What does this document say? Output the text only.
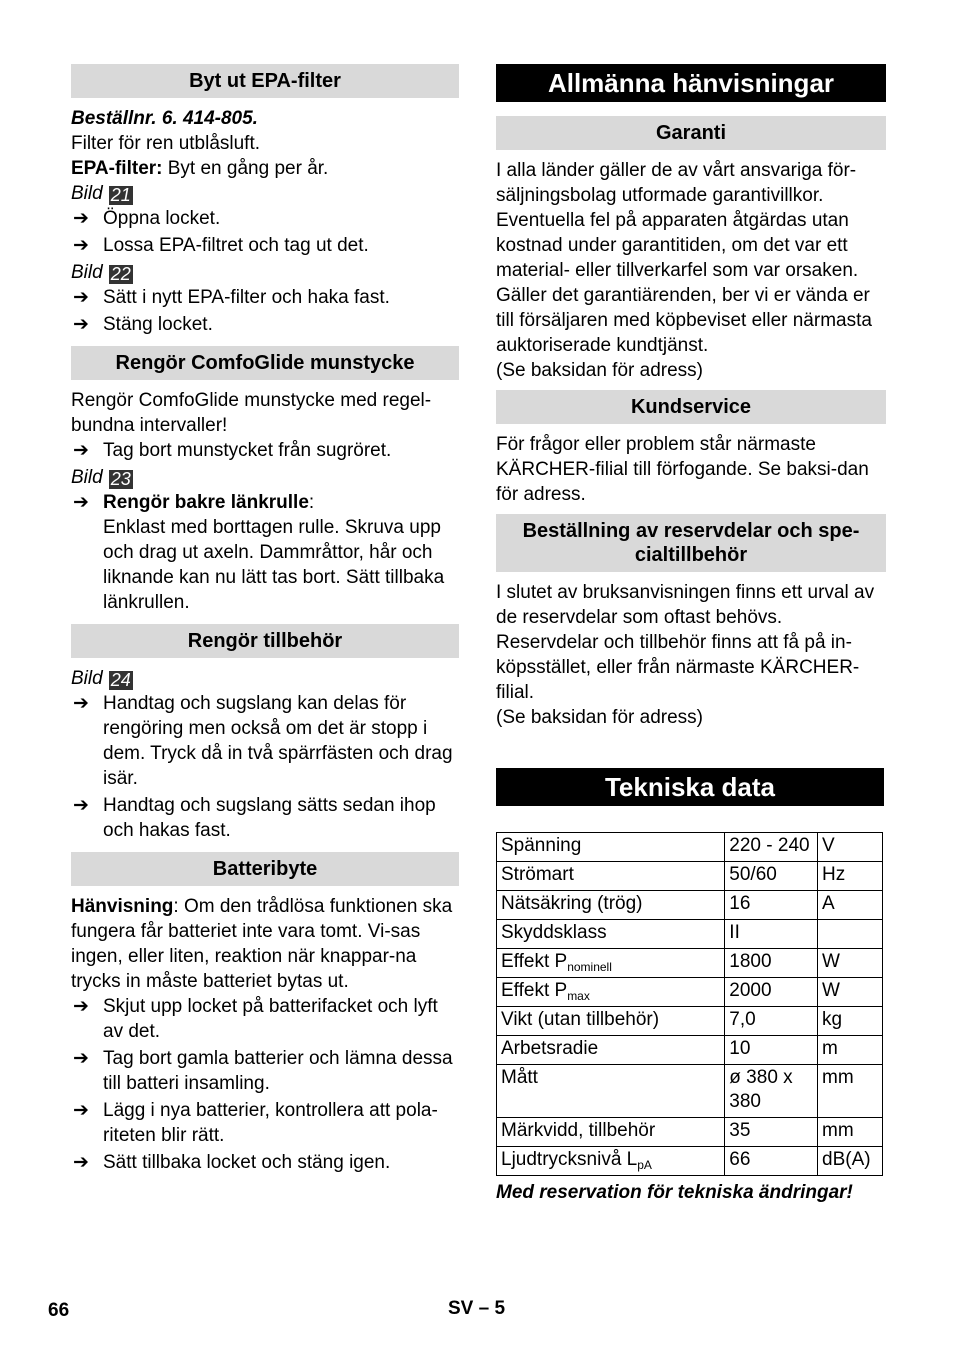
Byt ut EPA-filter

Beställnr. 6. 414-805.

Filter för ren utblåsluft.

EPA-filter: Byt en gång per år.

Bild 21

➔ Öppna locket.
➔ Lossa EPA-filtret och tag ut det.

Bild 22

➔ Sätt i nytt EPA-filter och haka fast.
➔ Stäng locket.
Rengör ComfoGlide munstycke

Rengör ComfoGlide munstycke med regel-bundna intervaller!

➔ Tag bort munstycket från sugröret.

Bild 23

➔ Rengör bakre länkrulle:

Enklast med borttagen rulle. Skruva upp och drag ut axeln. Dammråttor, hår och liknande kan nu lätt tas bort. Sätt tillbaka länkrullen.

Rengör tillbehör

Bild 24

➔ Handtag och sugslang kan delas för rengöring men också om det är stopp i dem. Tryck då in två spärrfästen och drag isär.
➔ Handtag och sugslang sätts sedan ihop och hakas fast.
Batteribyte

Hänvisning: Om den trådlösa funktionen ska fungera får batteriet inte vara tomt. Vi-sas ingen, eller liten, reaktion när knappar-na trycks in måste batteriet bytas ut.

➔ Skjut upp locket på batterifacket och lyft av det.
➔ Tag bort gamla batterier och lämna dessa till batteri insamling.
➔ Lägg i nya batterier, kontrollera att pola-riteten blir rätt.
➔ Sätt tillbaka locket och stäng igen.
Allmänna hänvisningar
Garanti

I alla länder gäller de av vårt ansvariga för-säljningsbolag utformade garantivillkor. Eventuella fel på apparaten åtgärdas utan kostnad under garantitiden, om det var ett material- eller tillverkarfel som var orsaken. Gäller det garantiärenden, ber vi er vända er till försäljaren med köpbeviset eller närmasta auktoriserade kundtjänst.

(Se baksidan för adress)

Kundservice

För frågor eller problem står närmaste KÄRCHER-filial till förfogande. Se baksi-dan för adress.

Beställning av reservdelar och spe-cialtillbehör

I slutet av bruksanvisningen finns ett urval av de reservdelar som oftast behövs.

Reservdelar och tillbehör finns att få på in-köpsstället, eller från närmaste KÄRCHER-filial.

(Se baksidan för adress)

Tekniska data
Spänning	220 - 240	V
Strömart	50/60	Hz
Nätsäkring (trög)	16	A
Skyddsklass	II	
Effekt $P_{nominell}$	1800	W
Effekt $P_{max}$	2000	W
Vikt (utan tillbehör)	7,0	kg
Arbetsradie	10	m
Mått	ø 380 x 380	mm
Märkvidd, tillbehör	35	mm
Ljudtrycksnivå $L_{pA}$	66	dB(A)

Med reservation för tekniska ändringar!

66	SV – 5
